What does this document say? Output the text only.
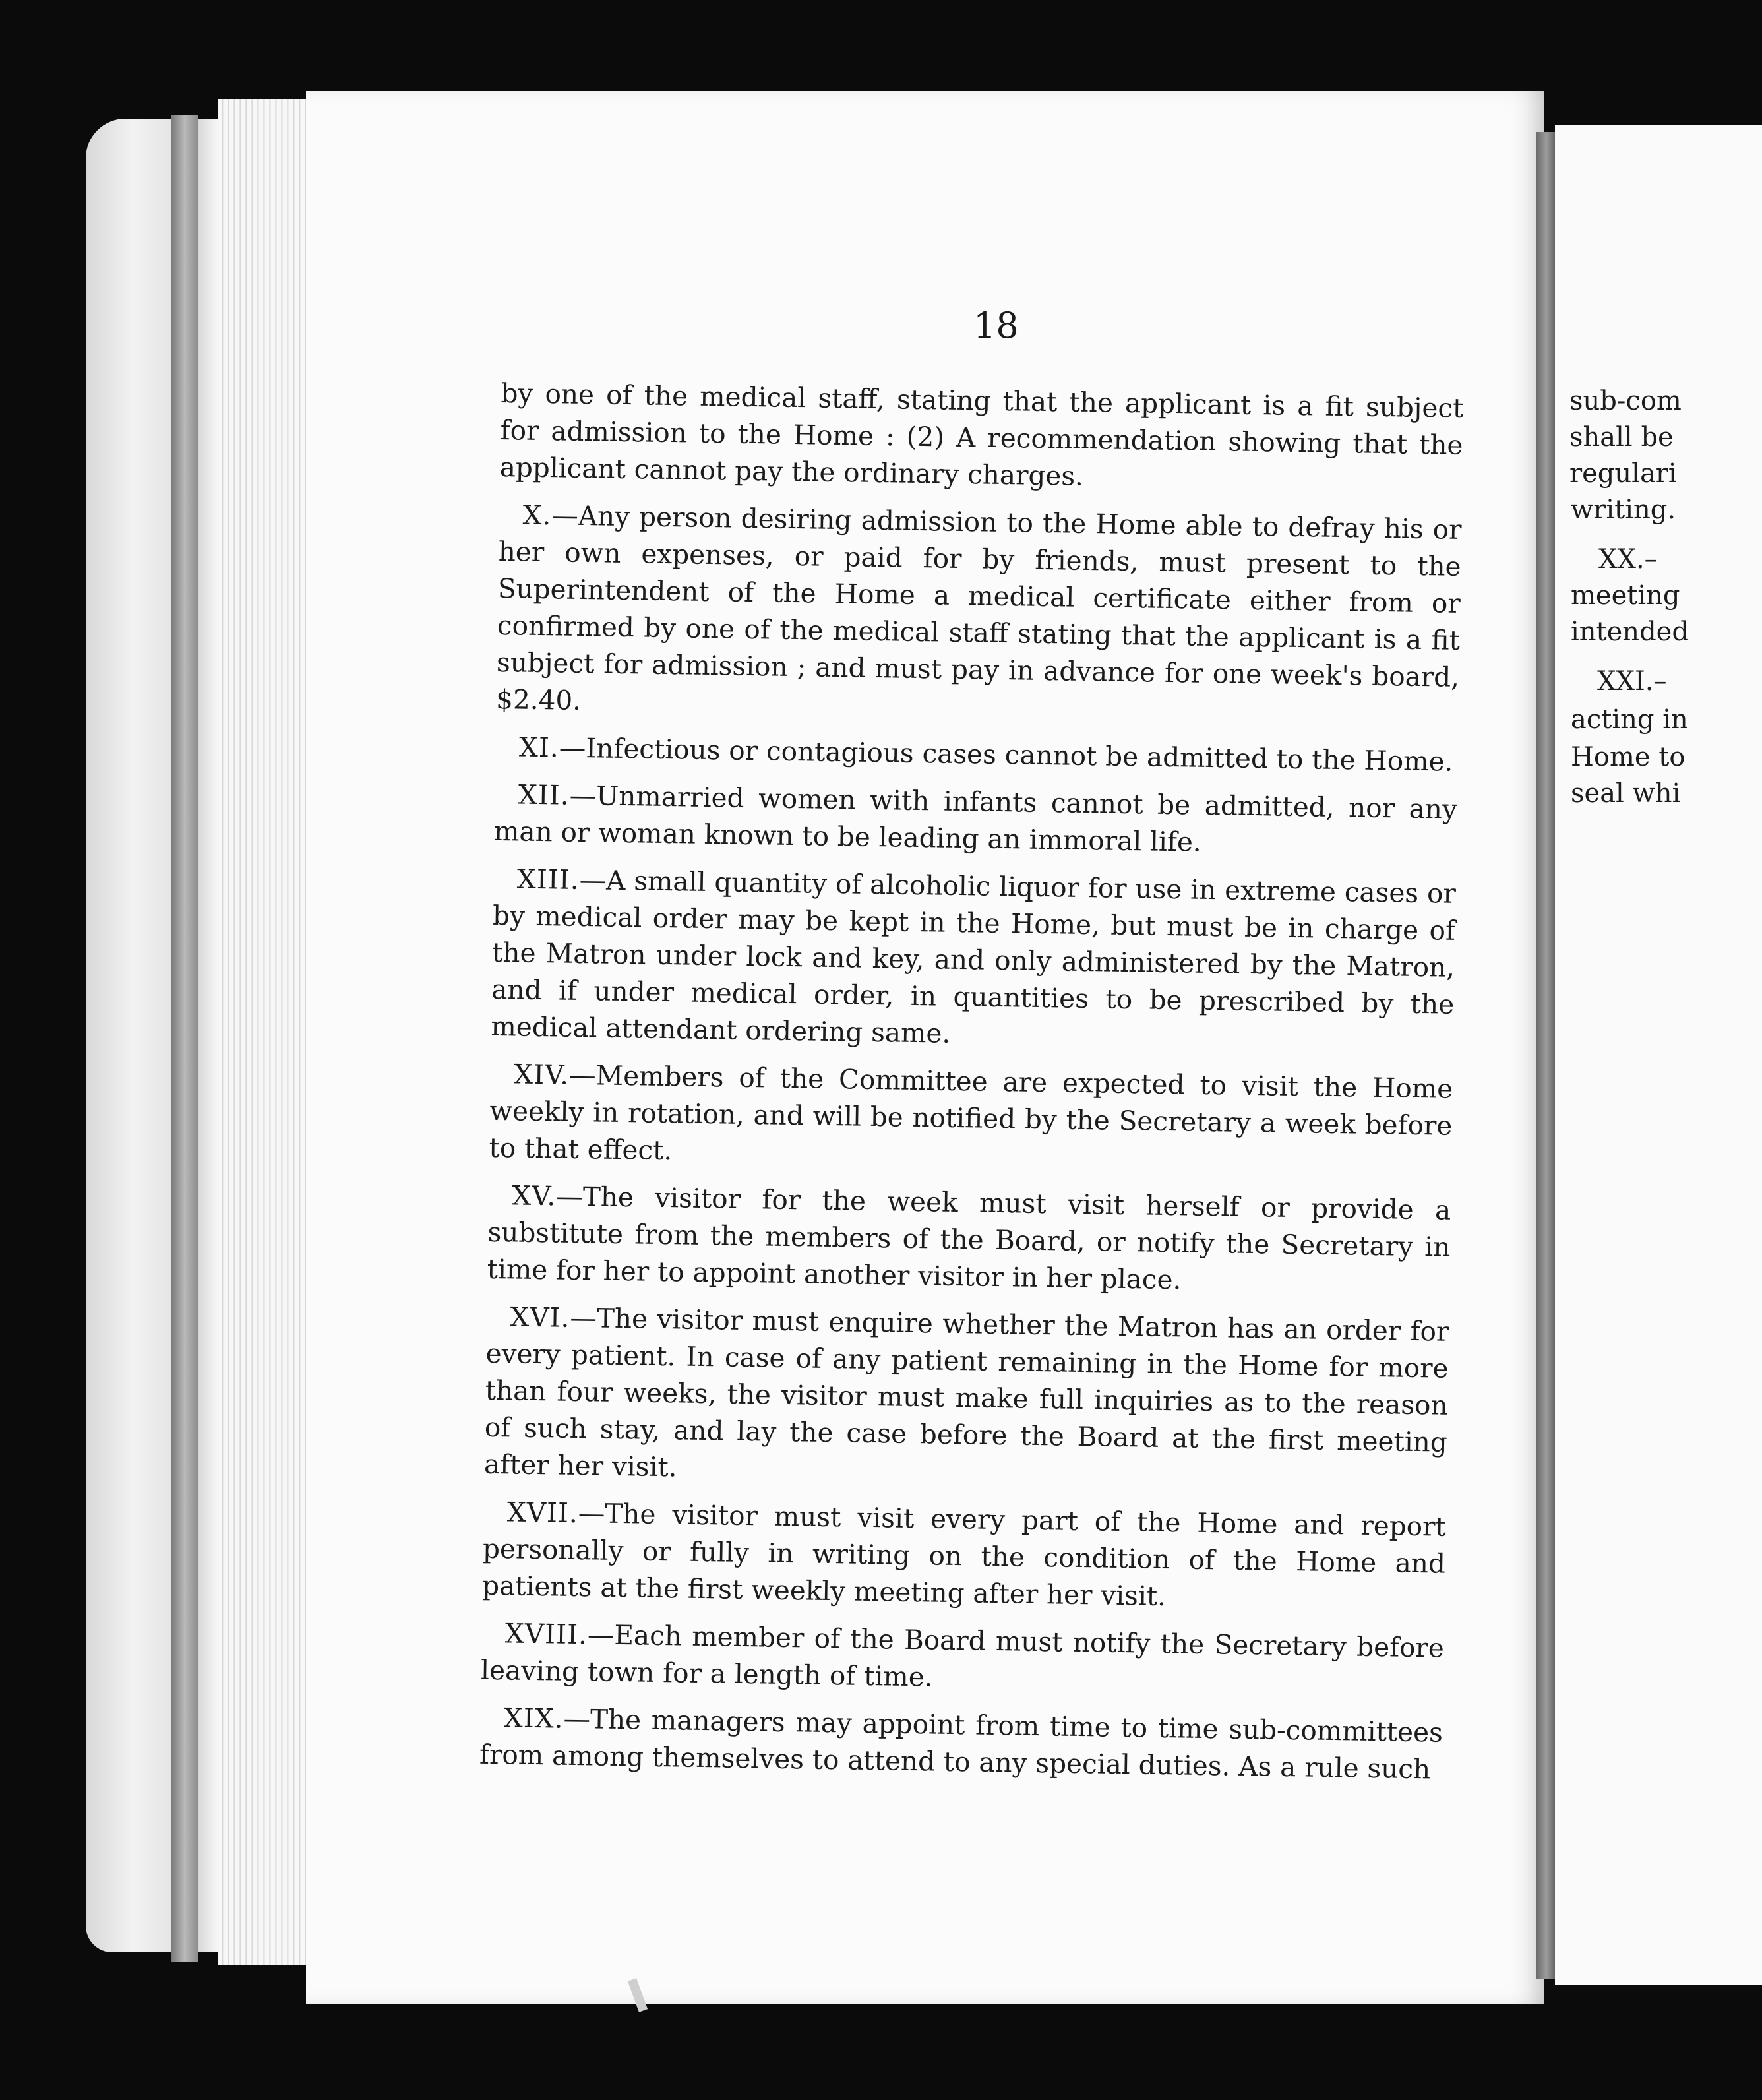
18

by one of the medical staff, stating that the applicant is a fit subject for admission to the Home : (2) A recommendation showing that the applicant cannot pay the ordinary charges.

X.—Any person desiring admission to the Home able to defray his or her own expenses, or paid for by friends, must present to the Superintendent of the Home a medical certificate either from or confirmed by one of the medical staff stating that the applicant is a fit subject for admission ; and must pay in advance for one week's board, $2.40.

XI.—Infectious or contagious cases cannot be admitted to the Home.

XII.—Unmarried women with infants cannot be admitted, nor any man or woman known to be leading an immoral life.

XIII.—A small quantity of alcoholic liquor for use in extreme cases or by medical order may be kept in the Home, but must be in charge of the Matron under lock and key, and only administered by the Matron, and if under medical order, in quantities to be prescribed by the medical attendant ordering same.

XIV.—Members of the Committee are expected to visit the Home weekly in rotation, and will be notified by the Secretary a week before to that effect.

XV.—The visitor for the week must visit herself or provide a substitute from the members of the Board, or notify the Secretary in time for her to appoint another visitor in her place.

XVI.—The visitor must enquire whether the Matron has an order for every patient. In case of any patient remaining in the Home for more than four weeks, the visitor must make full inquiries as to the reason of such stay, and lay the case before the Board at the first meeting after her visit.

XVII.—The visitor must visit every part of the Home and report personally or fully in writing on the condition of the Home and patients at the first weekly meeting after her visit.

XVIII.—Each member of the Board must notify the Secretary before leaving town for a length of time.

XIX.—The managers may appoint from time to time sub-committees from among themselves to attend to any special duties. As a rule such

sub-com
shall be
regulari
writing.
XX.–
meeting
intended
XXI.–
acting in
Home to
seal whi
